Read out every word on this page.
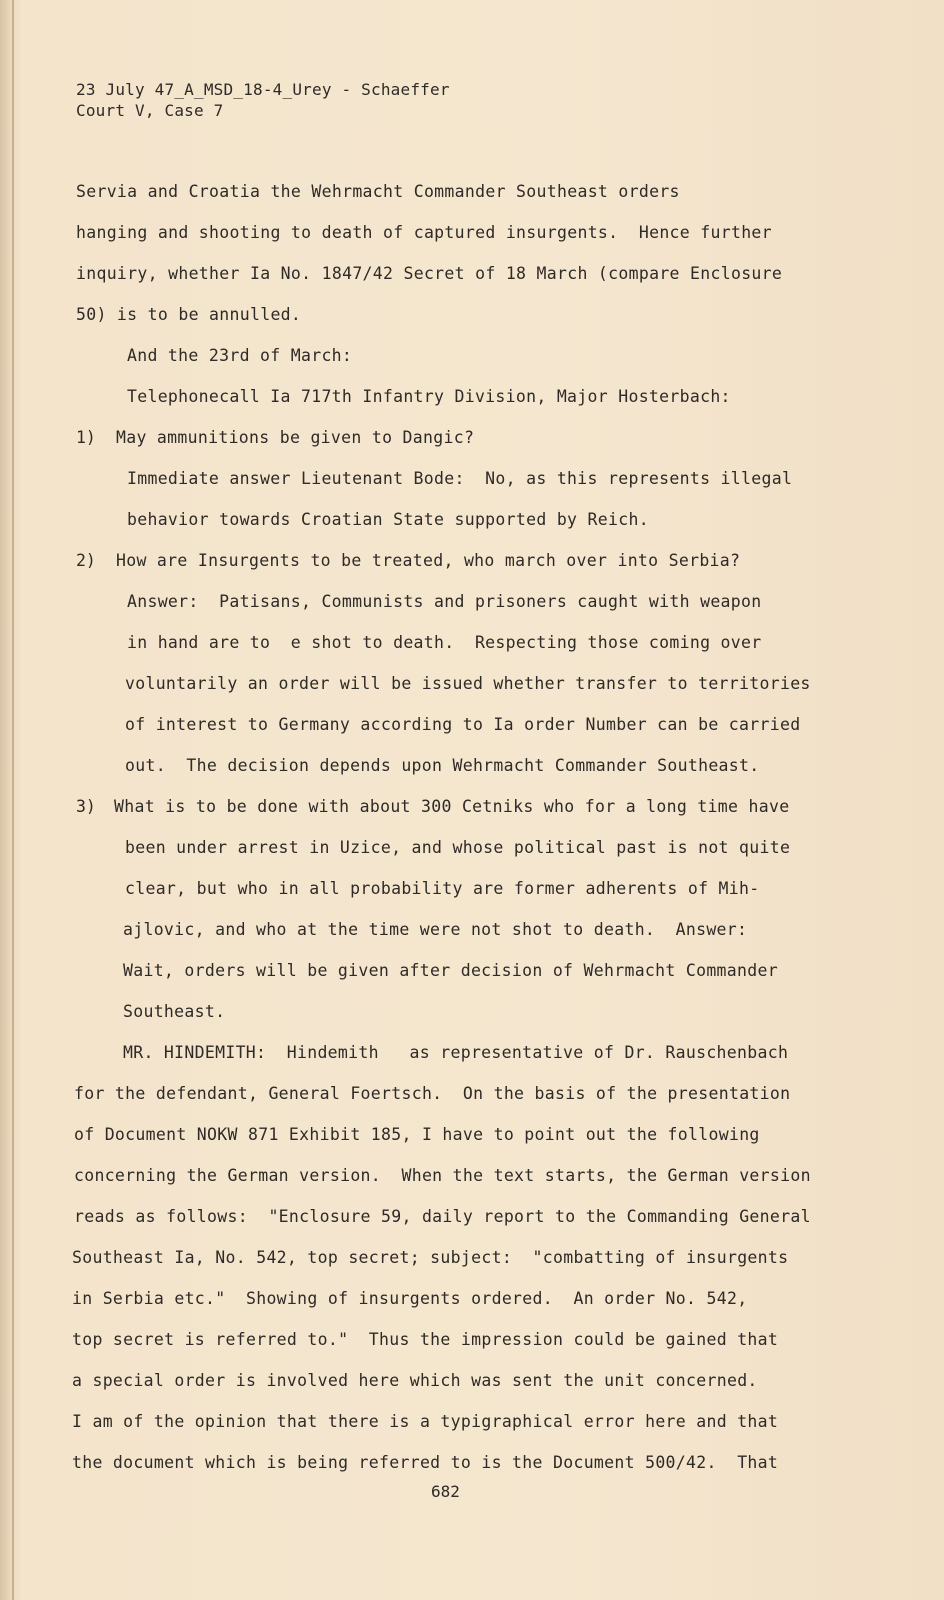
23 July 47_A_MSD_18-4_Urey - Schaeffer
Court V, Case 7
Servia and Croatia the Wehrmacht Commander Southeast orders
hanging and shooting to death of captured insurgents.  Hence further
inquiry, whether Ia No. 1847/42 Secret of 18 March (compare Enclosure
50) is to be annulled.
And the 23rd of March:
Telephonecall Ia 717th Infantry Division, Major Hosterbach:
1) May ammunitions be given to Dangic?
Immediate answer Lieutenant Bode:  No, as this represents illegal
behavior towards Croatian State supported by Reich.
2) How are Insurgents to be treated, who march over into Serbia?
Answer:  Patisans, Communists and prisoners caught with weapon
in hand are to  e shot to death.  Respecting those coming over
voluntarily an order will be issued whether transfer to territories
of interest to Germany according to Ia order Number can be carried
out.  The decision depends upon Wehrmacht Commander Southeast.
3) What is to be done with about 300 Cetniks who for a long time have
been under arrest in Uzice, and whose political past is not quite
clear, but who in all probability are former adherents of Mih-
ajlovic, and who at the time were not shot to death.  Answer:
Wait, orders will be given after decision of Wehrmacht Commander
Southeast.
MR. HINDEMITH:  Hindemith   as representative of Dr. Rauschenbach
for the defendant, General Foertsch.  On the basis of the presentation
of Document NOKW 871 Exhibit 185, I have to point out the following
concerning the German version.  When the text starts, the German version
reads as follows:  "Enclosure 59, daily report to the Commanding General
Southeast Ia, No. 542, top secret; subject:  "combatting of insurgents
in Serbia etc."  Showing of insurgents ordered.  An order No. 542,
top secret is referred to."  Thus the impression could be gained that
a special order is involved here which was sent the unit concerned.
I am of the opinion that there is a typigraphical error here and that
the document which is being referred to is the Document 500/42.  That
682
